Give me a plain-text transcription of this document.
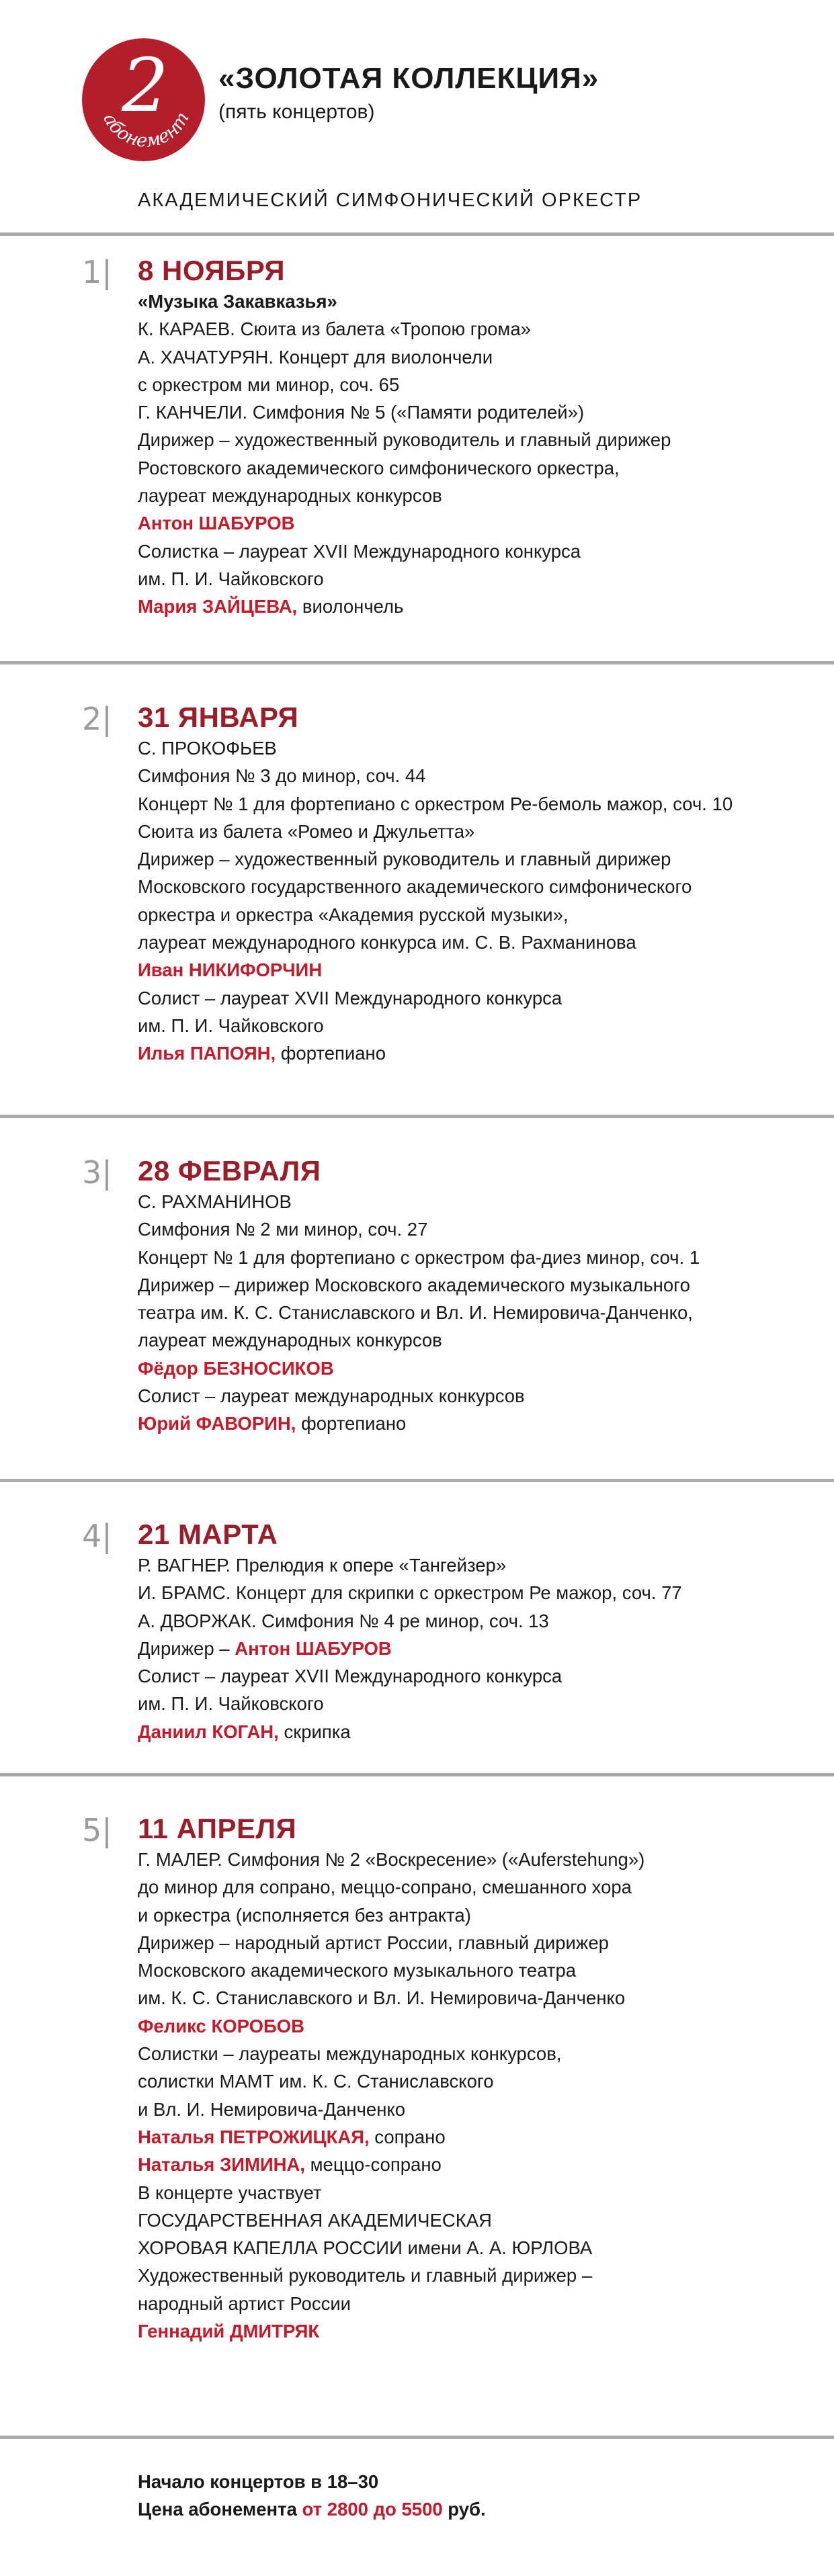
2
абонемент
«ЗОЛОТАЯ КОЛЛЕКЦИЯ»
(пять концертов)
АКАДЕМИЧЕСКИЙ СИМФОНИЧЕСКИЙ ОРКЕСТР
1| 8 НОЯБРЯ
«Музыка Закавказья»
К. КАРАЕВ. Сюита из балета «Тропою грома»
А. ХАЧАТУРЯН. Концерт для виолончели
с оркестром ми минор, соч. 65
Г. КАНЧЕЛИ. Симфония № 5 («Памяти родителей»)
Дирижер – художественный руководитель и главный дирижер
Ростовского академического симфонического оркестра,
лауреат международных конкурсов
Антон ШАБУРОВ
Солистка – лауреат XVII Международного конкурса
им. П. И. Чайковского
Мария ЗАЙЦЕВА, виолончель
2| 31 ЯНВАРЯ
С. ПРОКОФЬЕВ
Симфония № 3 до минор, соч. 44
Концерт № 1 для фортепиано с оркестром Ре-бемоль мажор, соч. 10
Сюита из балета «Ромео и Джульетта»
Дирижер – художественный руководитель и главный дирижер
Московского государственного академического симфонического
оркестра и оркестра «Академия русской музыки»,
лауреат международного конкурса им. С. В. Рахманинова
Иван НИКИФОРЧИН
Солист – лауреат XVII Международного конкурса
им. П. И. Чайковского
Илья ПАПОЯН, фортепиано
3| 28 ФЕВРАЛЯ
С. РАХМАНИНОВ
Симфония № 2 ми минор, соч. 27
Концерт № 1 для фортепиано с оркестром фа-диез минор, соч. 1
Дирижер – дирижер Московского академического музыкального
театра им. К. С. Станиславского и Вл. И. Немировича-Данченко,
лауреат международных конкурсов
Фёдор БЕЗНОСИКОВ
Солист – лауреат международных конкурсов
Юрий ФАВОРИН, фортепиано
4| 21 МАРТА
Р. ВАГНЕР. Прелюдия к опере «Тангейзер»
И. БРАМС. Концерт для скрипки с оркестром Ре мажор, соч. 77
А. ДВОРЖАК. Симфония № 4 ре минор, соч. 13
Дирижер – Антон ШАБУРОВ
Солист – лауреат XVII Международного конкурса
им. П. И. Чайковского
Даниил КОГАН, скрипка
5| 11 АПРЕЛЯ
Г. МАЛЕР. Симфония № 2 «Воскресение» («Auferstehung»)
до минор для сопрано, меццо-сопрано, смешанного хора
и оркестра (исполняется без антракта)
Дирижер – народный артист России, главный дирижер
Московского академического музыкального театра
им. К. С. Станиславского и Вл. И. Немировича-Данченко
Феликс КОРОБОВ
Солистки – лауреаты международных конкурсов,
солистки МАМТ им. К. С. Станиславского
и Вл. И. Немировича-Данченко
Наталья ПЕТРОЖИЦКАЯ, сопрано
Наталья ЗИМИНА, меццо-сопрано
В концерте участвует
ГОСУДАРСТВЕННАЯ АКАДЕМИЧЕСКАЯ
ХОРОВАЯ КАПЕЛЛА РОССИИ имени А. А. ЮРЛОВА
Художественный руководитель и главный дирижер –
народный артист России
Геннадий ДМИТРЯК
Начало концертов в 18–30
Цена абонемента от 2800 до 5500 руб.
